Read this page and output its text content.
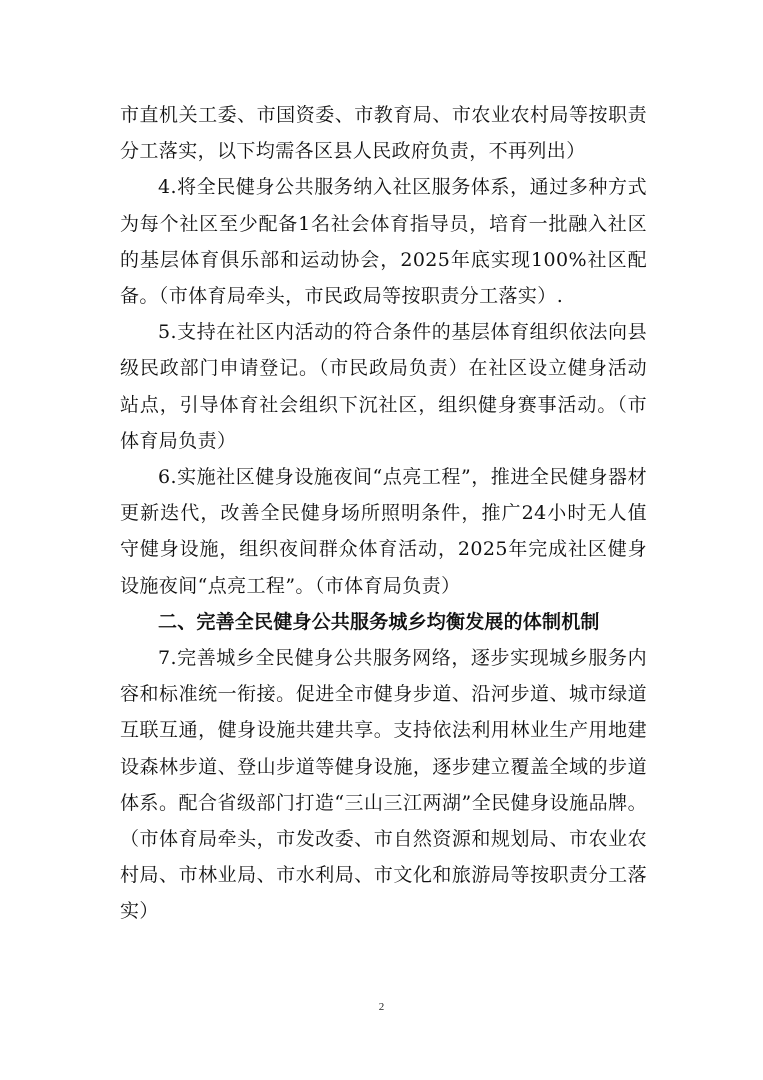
市直机关工委、市国资委、市教育局、市农业农村局等按职责分工落实，以下均需各区县人民政府负责，不再列出）

4.将全民健身公共服务纳入社区服务体系，通过多种方式为每个社区至少配备1名社会体育指导员，培育一批融入社区的基层体育俱乐部和运动协会，2025年底实现100%社区配备。（市体育局牵头，市民政局等按职责分工落实）.

5.支持在社区内活动的符合条件的基层体育组织依法向县级民政部门申请登记。（市民政局负责）在社区设立健身活动站点，引导体育社会组织下沉社区，组织健身赛事活动。（市体育局负责）

6.实施社区健身设施夜间“点亮工程”，推进全民健身器材更新迭代，改善全民健身场所照明条件，推广24小时无人值守健身设施，组织夜间群众体育活动，2025年完成社区健身设施夜间“点亮工程”。（市体育局负责）

二、完善全民健身公共服务城乡均衡发展的体制机制

7.完善城乡全民健身公共服务网络，逐步实现城乡服务内容和标准统一衔接。促进全市健身步道、沿河步道、城市绿道互联互通，健身设施共建共享。支持依法利用林业生产用地建设森林步道、登山步道等健身设施，逐步建立覆盖全域的步道体系。配合省级部门打造“三山三江两湖”全民健身设施品牌。（市体育局牵头，市发改委、市自然资源和规划局、市农业农村局、市林业局、市水利局、市文化和旅游局等按职责分工落实）

2
